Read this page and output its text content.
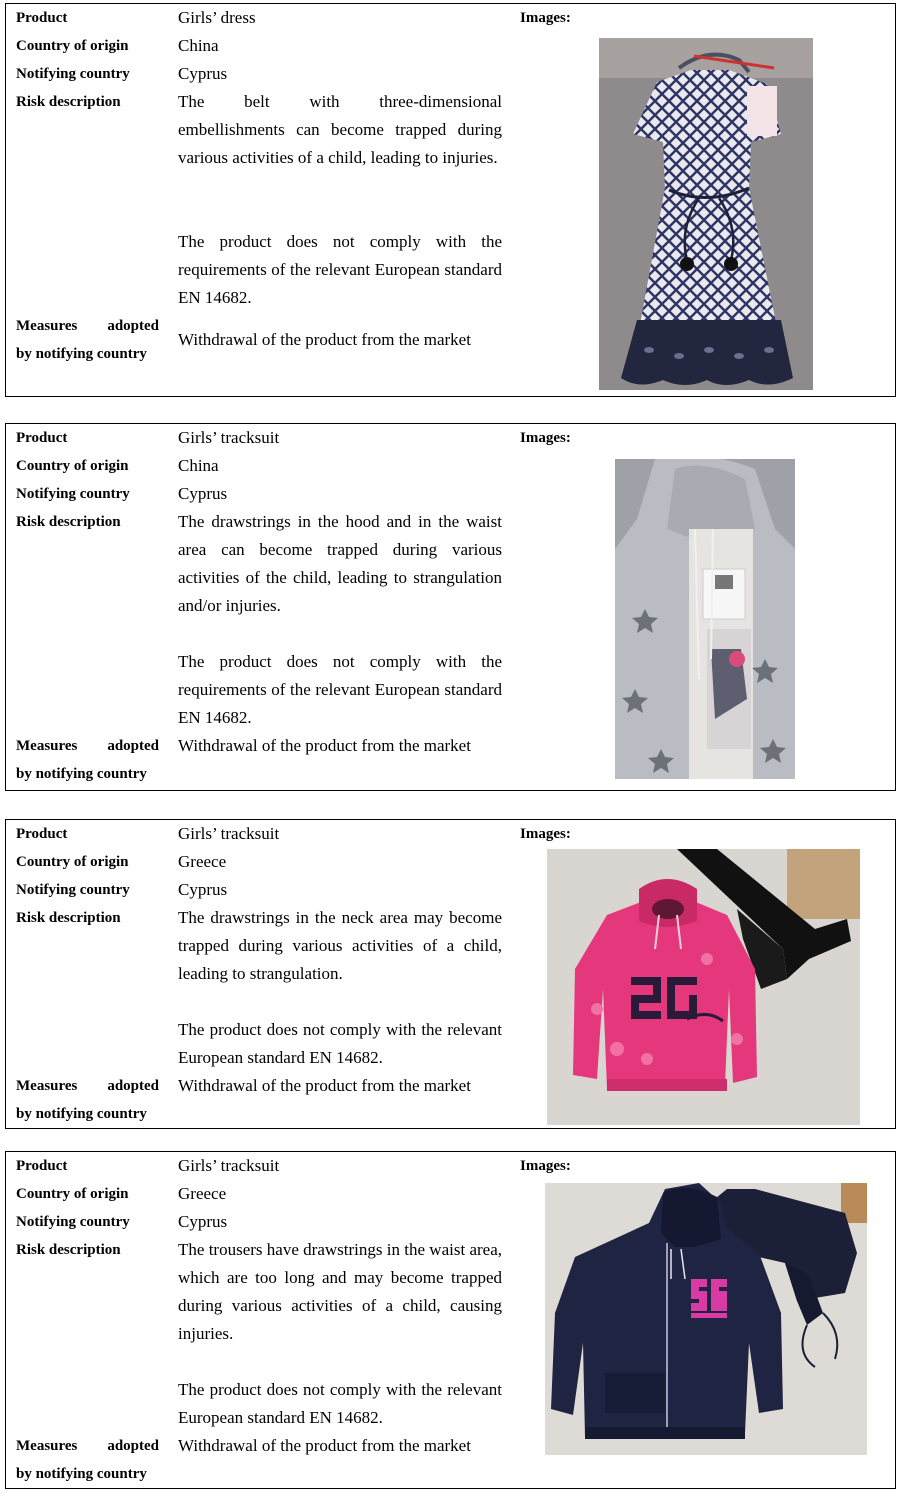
Product
Country of origin
Notifying country
Risk description
Measures adopted
by notifying country
Girls’ dress
China
Cyprus
The belt with three-dimensional embellishments can become trapped during various activities of a child, leading to injuries.
The product does not comply with the requirements of the relevant European standard EN 14682.
Withdrawal of the product from the market
Images:
Product
Country of origin
Notifying country
Risk description
Measures adopted
by notifying country
Girls’ tracksuit
China
Cyprus
The drawstrings in the hood and in the waist area can become trapped during various activities of the child, leading to strangulation and/or injuries.
The product does not comply with the requirements of the relevant European standard EN 14682.
Withdrawal of the product from the market
Images:
Product
Country of origin
Notifying country
Risk description
Measures adopted
by notifying country
Girls’ tracksuit
Greece
Cyprus
The drawstrings in the neck area may become trapped during various activities of a child, leading to strangulation.
The product does not comply with the relevant European standard EN 14682.
Withdrawal of the product from the market
Images:
Product
Country of origin
Notifying country
Risk description
Measures adopted
by notifying country
Girls’ tracksuit
Greece
Cyprus
The trousers have drawstrings in the waist area, which are too long and may become trapped during various activities of a child, causing injuries.
The product does not comply with the relevant European standard EN 14682.
Withdrawal of the product from the market
Images:
